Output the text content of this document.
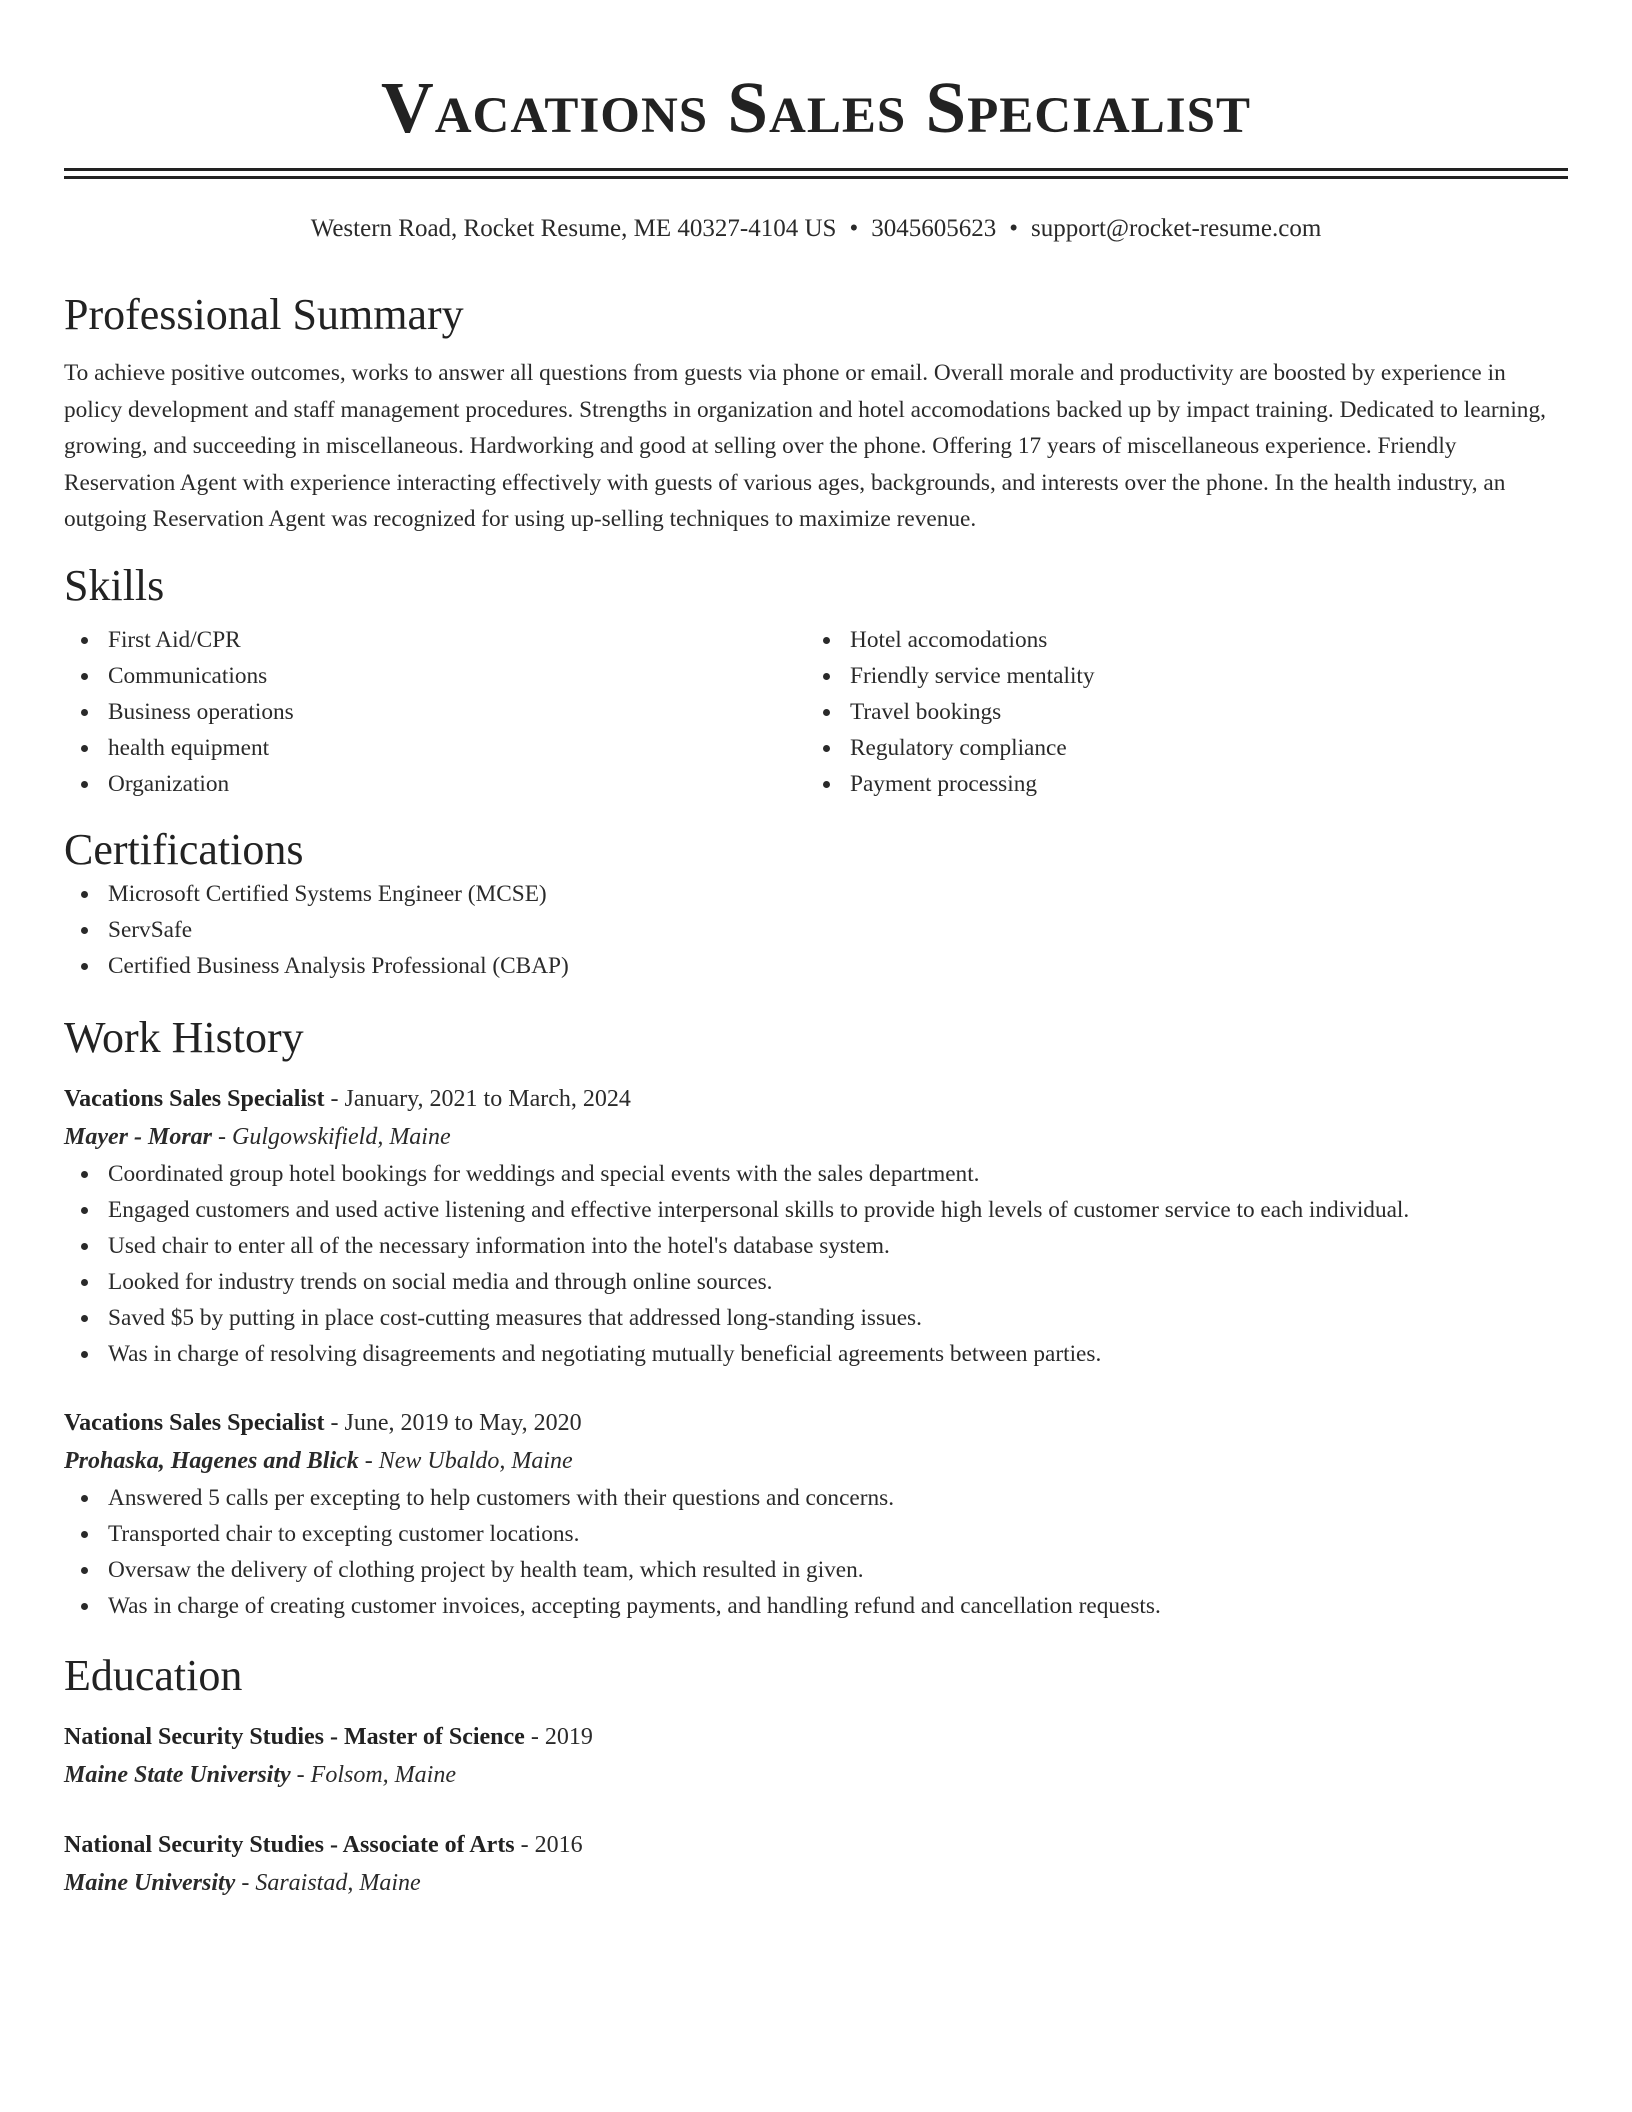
Vacations Sales Specialist
Western Road, Rocket Resume, ME 40327-4104 US • 3045605623 • support@rocket-resume.com
Professional Summary

To achieve positive outcomes, works to answer all questions from guests via phone or email. Overall morale and productivity are boosted by experience in policy development and staff management procedures. Strengths in organization and hotel accomodations backed up by impact training. Dedicated to learning, growing, and succeeding in miscellaneous. Hardworking and good at selling over the phone. Offering 17 years of miscellaneous experience. Friendly Reservation Agent with experience interacting effectively with guests of various ages, backgrounds, and interests over the phone. In the health industry, an outgoing Reservation Agent was recognized for using up-selling techniques to maximize revenue.

Skills
First Aid/CPR
Communications
Business operations
health equipment
Organization
Hotel accomodations
Friendly service mentality
Travel bookings
Regulatory compliance
Payment processing
Certifications
Microsoft Certified Systems Engineer (MCSE)
ServSafe
Certified Business Analysis Professional (CBAP)
Work History
Vacations Sales Specialist - January, 2021 to March, 2024
Mayer - Morar - Gulgowskifield, Maine
Coordinated group hotel bookings for weddings and special events with the sales department.
Engaged customers and used active listening and effective interpersonal skills to provide high levels of customer service to each individual.
Used chair to enter all of the necessary information into the hotel's database system.
Looked for industry trends on social media and through online sources.
Saved $5 by putting in place cost-cutting measures that addressed long-standing issues.
Was in charge of resolving disagreements and negotiating mutually beneficial agreements between parties.
Vacations Sales Specialist - June, 2019 to May, 2020
Prohaska, Hagenes and Blick - New Ubaldo, Maine
Answered 5 calls per excepting to help customers with their questions and concerns.
Transported chair to excepting customer locations.
Oversaw the delivery of clothing project by health team, which resulted in given.
Was in charge of creating customer invoices, accepting payments, and handling refund and cancellation requests.
Education
National Security Studies - Master of Science - 2019
Maine State University - Folsom, Maine
National Security Studies - Associate of Arts - 2016
Maine University - Saraistad, Maine
